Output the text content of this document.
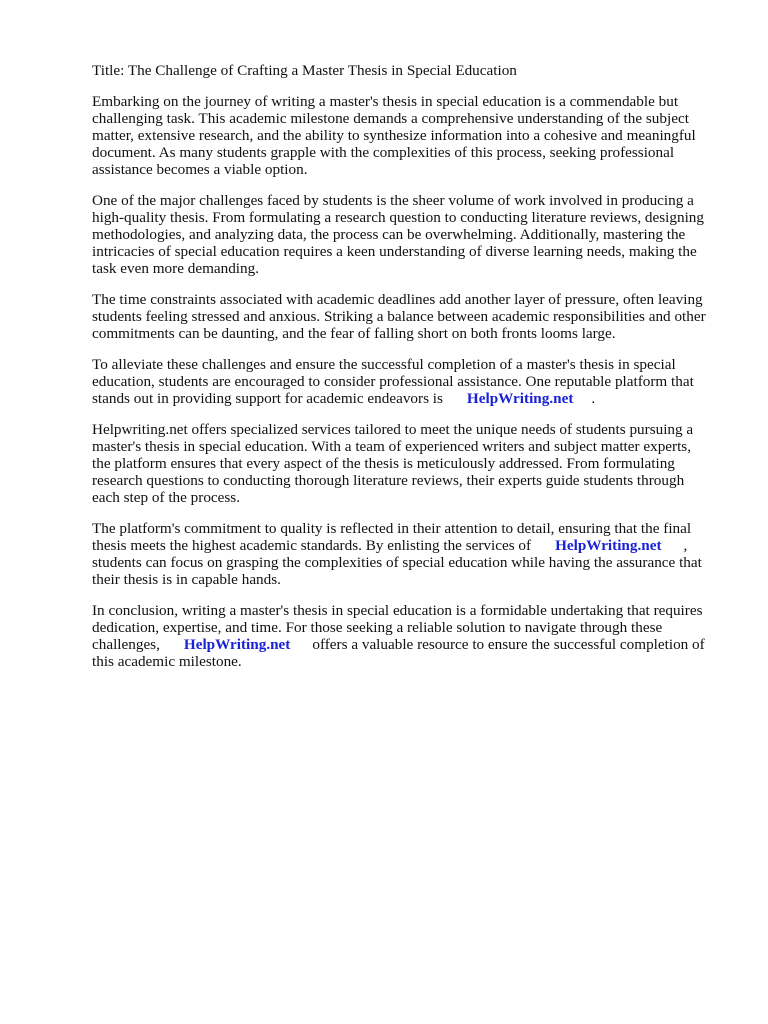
Title: The Challenge of Crafting a Master Thesis in Special Education

Embarking on the journey of writing a master's thesis in special education is a commendable but
challenging task. This academic milestone demands a comprehensive understanding of the subject
matter, extensive research, and the ability to synthesize information into a cohesive and meaningful
document. As many students grapple with the complexities of this process, seeking professional
assistance becomes a viable option.

One of the major challenges faced by students is the sheer volume of work involved in producing a
high-quality thesis. From formulating a research question to conducting literature reviews, designing
methodologies, and analyzing data, the process can be overwhelming. Additionally, mastering the
intricacies of special education requires a keen understanding of diverse learning needs, making the
task even more demanding.

The time constraints associated with academic deadlines add another layer of pressure, often leaving
students feeling stressed and anxious. Striking a balance between academic responsibilities and other
commitments can be daunting, and the fear of falling short on both fronts looms large.

To alleviate these challenges and ensure the successful completion of a master's thesis in special
education, students are encouraged to consider professional assistance. One reputable platform that
stands out in providing support for academic endeavors is HelpWriting.net .

Helpwriting.net offers specialized services tailored to meet the unique needs of students pursuing a
master's thesis in special education. With a team of experienced writers and subject matter experts,
the platform ensures that every aspect of the thesis is meticulously addressed. From formulating
research questions to conducting thorough literature reviews, their experts guide students through
each step of the process.

The platform's commitment to quality is reflected in their attention to detail, ensuring that the final
thesis meets the highest academic standards. By enlisting the services of HelpWriting.net ,
students can focus on grasping the complexities of special education while having the assurance that
their thesis is in capable hands.

In conclusion, writing a master's thesis in special education is a formidable undertaking that requires
dedication, expertise, and time. For those seeking a reliable solution to navigate through these
challenges, HelpWriting.net offers a valuable resource to ensure the successful completion of
this academic milestone.
